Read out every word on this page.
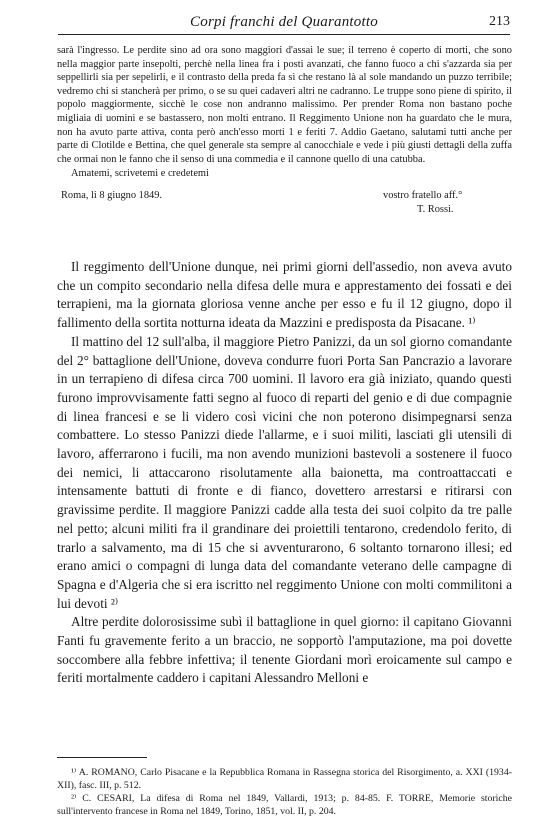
Corpi franchi del Quarantotto	213

sarà l'ingresso. Le perdite sino ad ora sono maggiori d'assai le sue; il terreno è coperto di morti, che sono nella maggior parte insepolti, perchè nella linea fra i posti avanzati, che fanno fuoco a chi s'azzarda sia per seppellirli sia per sepelirli, e il contrasto della preda fa sì che restano là al sole mandando un puzzo terribile; vedremo chi si stancherà per primo, o se su quei cadaveri altri ne cadranno. Le truppe sono piene di spirito, il popolo maggiormente, sicchè le cose non andranno malissimo. Per prender Roma non bastano poche migliaia di uomini e se bastassero, non molti entrano. Il Reggimento Unione non ha guardato che le mura, non ha avuto parte attiva, conta però anch'esso morti 1 e feriti 7. Addio Gaetano, salutami tutti anche per parte di Clotilde e Bettina, che quel generale sta sempre al canocchiale e vede i più giusti dettagli della zuffa che ormai non le fanno che il senso di una commedia e il cannone quello di una catubba.

Amatemi, scrivetemi e credetemi

Roma, li 8 giugno 1849.	vostro fratello aff.°
T. Rossi.

Il reggimento dell'Unione dunque, nei primi giorni dell'assedio, non aveva avuto che un compito secondario nella difesa delle mura e apprestamento dei fossati e dei terrapieni, ma la giornata gloriosa venne anche per esso e fu il 12 giugno, dopo il fallimento della sortita notturna ideata da Mazzini e predisposta da Pisacane. ¹⁾

Il mattino del 12 sull'alba, il maggiore Pietro Panizzi, da un sol giorno comandante del 2° battaglione dell'Unione, doveva condurre fuori Porta San Pancrazio a lavorare in un terrapieno di difesa circa 700 uomini. Il lavoro era già iniziato, quando questi furono improvvisamente fatti segno al fuoco di reparti del genio e di due compagnie di linea francesi e se li videro così vicini che non poterono disimpegnarsi senza combattere. Lo stesso Panizzi diede l'allarme, e i suoi militi, lasciati gli utensili di lavoro, afferrarono i fucili, ma non avendo munizioni bastevoli a sostenere il fuoco dei nemici, li attaccarono risolutamente alla baionetta, ma controattaccati e intensamente battuti di fronte e di fianco, dovettero arrestarsi e ritirarsi con gravissime perdite. Il maggiore Panizzi cadde alla testa dei suoi colpito da tre palle nel petto; alcuni militi fra il grandinare dei proiettili tentarono, credendolo ferito, di trarlo a salvamento, ma di 15 che si avventurarono, 6 soltanto tornarono illesi; ed erano amici o compagni di lunga data del comandante veterano delle campagne di Spagna e d'Algeria che si era iscritto nel reggimento Unione con molti commilitoni a lui devoti ²⁾

Altre perdite dolorosissime subì il battaglione in quel giorno: il capitano Giovanni Fanti fu gravemente ferito a un braccio, ne sopportò l'amputazione, ma poi dovette soccombere alla febbre infettiva; il tenente Giordani morì eroicamente sul campo e feriti mortalmente caddero i capitani Alessandro Melloni e

¹⁾ A. ROMANO, Carlo Pisacane e la Repubblica Romana in Rassegna storica del Risorgimento, a. XXI (1934-XII), fasc. III, p. 512.

²⁾ C. CESARI, La difesa di Roma nel 1849, Vallardi, 1913; p. 84-85. F. TORRE, Memorie storiche sull'intervento francese in Roma nel 1849, Torino, 1851, vol. II, p. 204.
